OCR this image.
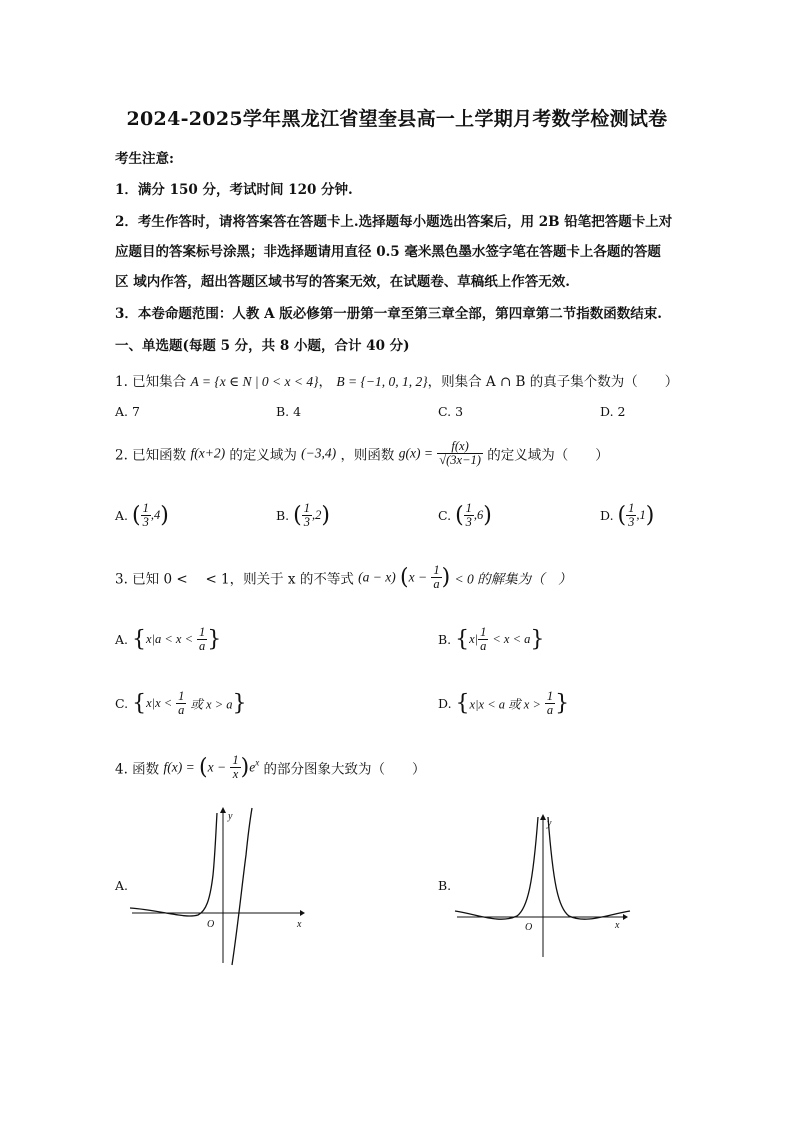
2024-2025学年黑龙江省望奎县高一上学期月考数学检测试卷
考生注意:
1．满分 150 分，考试时间 120 分钟.
2．考生作答时，请将答案答在答题卡上.选择题每小题选出答案后，用 2B 铅笔把答题卡上对
应题目的答案标号涂黑；非选择题请用直径 0.5 毫米黑色墨水签字笔在答题卡上各题的答题
区 域内作答，超出答题区域书写的答案无效，在试题卷、草稿纸上作答无效.
3．本卷命题范围：人教 A 版必修第一册第一章至第三章全部，第四章第二节指数函数结束.
一、单选题(每题 5 分，共 8 小题，合计 40 分)
1. 已知集合 A = {x ∈ N | 0 < x < 4}， B = {−1, 0, 1, 2}，则集合 A ∩ B 的真子集个数为（　　）
A. 7	B. 4	C. 3	D. 2
2. 已知函数 f(x+2) 的定义域为 (−3,4) ，则函数 $g(x) = \frac{f(x)}{√(3x-1)}$ 的定义域为（　　）
A. ( $\frac{1}{3} ,4$)	B. ( $\frac{1}{3} ,2$)	C. ( $\frac{1}{3} ,6$)	D. ( $\frac{1}{3} ,1$)
3. 已知 0 <　 < 1，则关于 x 的不等式 (a − x) ($x - \frac{1}{a}$ ) < 0 的解集为（　）
A. {$x|a < x < \frac{1}{a}$ }	B. $\{x| \frac{1}{a} < x < a\}$
C. {$x|x < \frac{1}{a}$ 或 x > a}	D. {x|x < a 或 $x > \frac{1}{a}$ }
4. 函数 $f(x) = (x - \frac{1}{x} )e^x$ 的部分图象大致为（　　）
A.
y
x
O
B.
y
x
O
